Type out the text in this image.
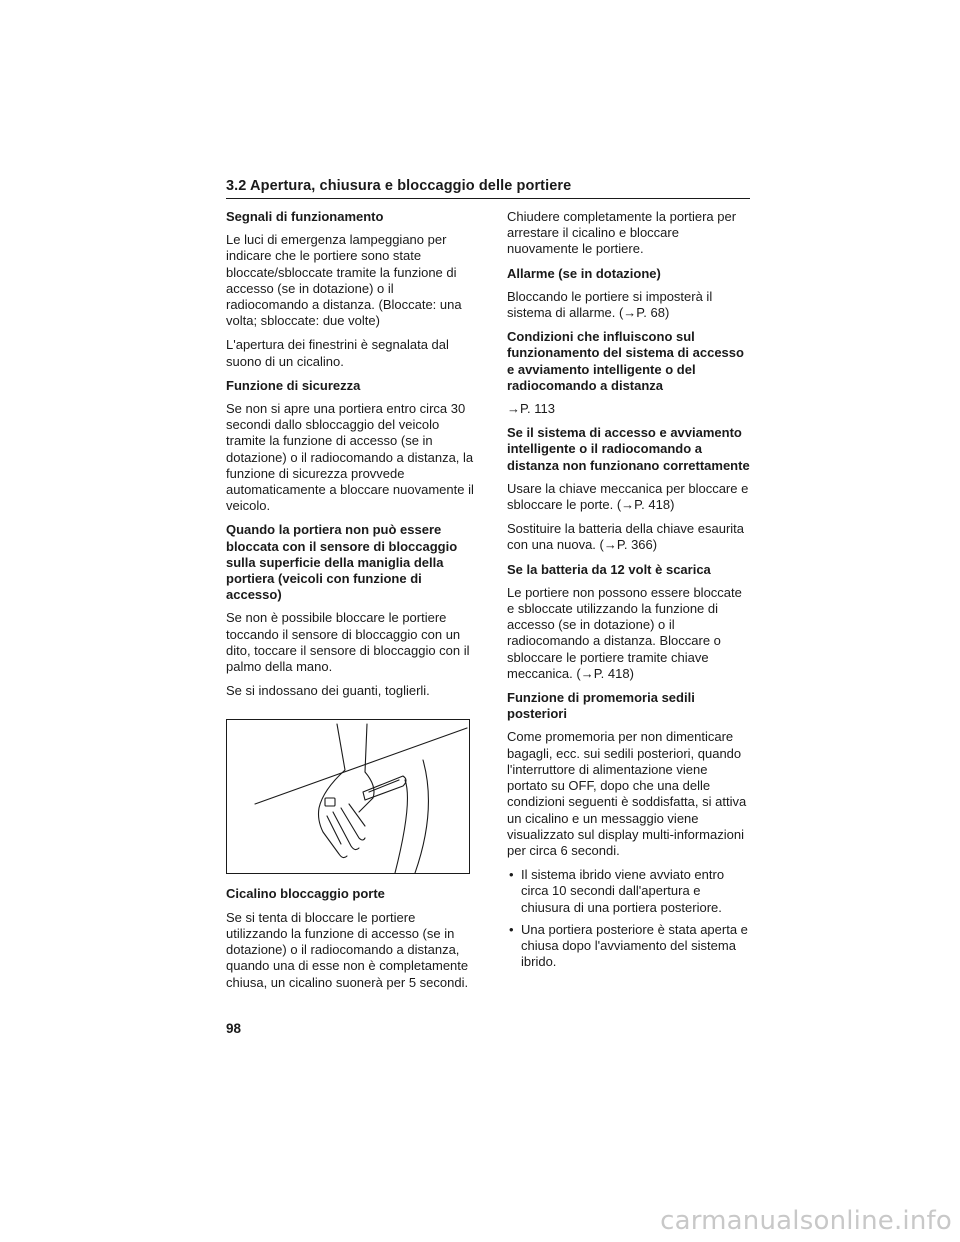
3.2 Apertura, chiusura e bloccaggio delle portiere
Segnali di funzionamento
Le luci di emergenza lampeggiano per indicare che le portiere sono state bloccate/sbloccate tramite la funzione di accesso (se in dotazione) o il radiocomando a distanza. (Bloccate: una volta; sbloccate: due volte)
L'apertura dei finestrini è segnalata dal suono di un cicalino.
Funzione di sicurezza
Se non si apre una portiera entro circa 30 secondi dallo sbloccaggio del veicolo tramite la funzione di accesso (se in dotazione) o il radiocomando a distanza, la funzione di sicurezza provvede automaticamente a bloccare nuovamente il veicolo.
Quando la portiera non può essere bloccata con il sensore di bloccaggio sulla superficie della maniglia della portiera (veicoli con funzione di accesso)
Se non è possibile bloccare le portiere toccando il sensore di bloccaggio con un dito, toccare il sensore di bloccaggio con il palmo della mano.
Se si indossano dei guanti, toglierli.
Cicalino bloccaggio porte
Se si tenta di bloccare le portiere utilizzando la funzione di accesso (se in dotazione) o il radiocomando a distanza, quando una di esse non è completamente chiusa, un cicalino suonerà per 5 secondi.
Chiudere completamente la portiera per arrestare il cicalino e bloccare nuovamente le portiere.
Allarme (se in dotazione)
Bloccando le portiere si imposterà il sistema di allarme. (→P. 68)
Condizioni che influiscono sul funzionamento del sistema di accesso e avviamento intelligente o del radiocomando a distanza
→P. 113
Se il sistema di accesso e avviamento intelligente o il radiocomando a distanza non funzionano correttamente
Usare la chiave meccanica per bloccare e sbloccare le porte. (→P. 418)
Sostituire la batteria della chiave esaurita con una nuova. (→P. 366)
Se la batteria da 12 volt è scarica
Le portiere non possono essere bloccate e sbloccate utilizzando la funzione di accesso (se in dotazione) o il radiocomando a distanza. Bloccare o sbloccare le portiere tramite chiave meccanica. (→P. 418)
Funzione di promemoria sedili posteriori
Come promemoria per non dimenticare bagagli, ecc. sui sedili posteriori, quando l'interruttore di alimentazione viene portato su OFF, dopo che una delle condizioni seguenti è soddisfatta, si attiva un cicalino e un messaggio viene visualizzato sul display multi-informazioni per circa 6 secondi.
• Il sistema ibrido viene avviato entro circa 10 secondi dall'apertura e chiusura di una portiera posteriore.
• Una portiera posteriore è stata aperta e chiusa dopo l'avviamento del sistema ibrido.
98
carmanualsonline.info
